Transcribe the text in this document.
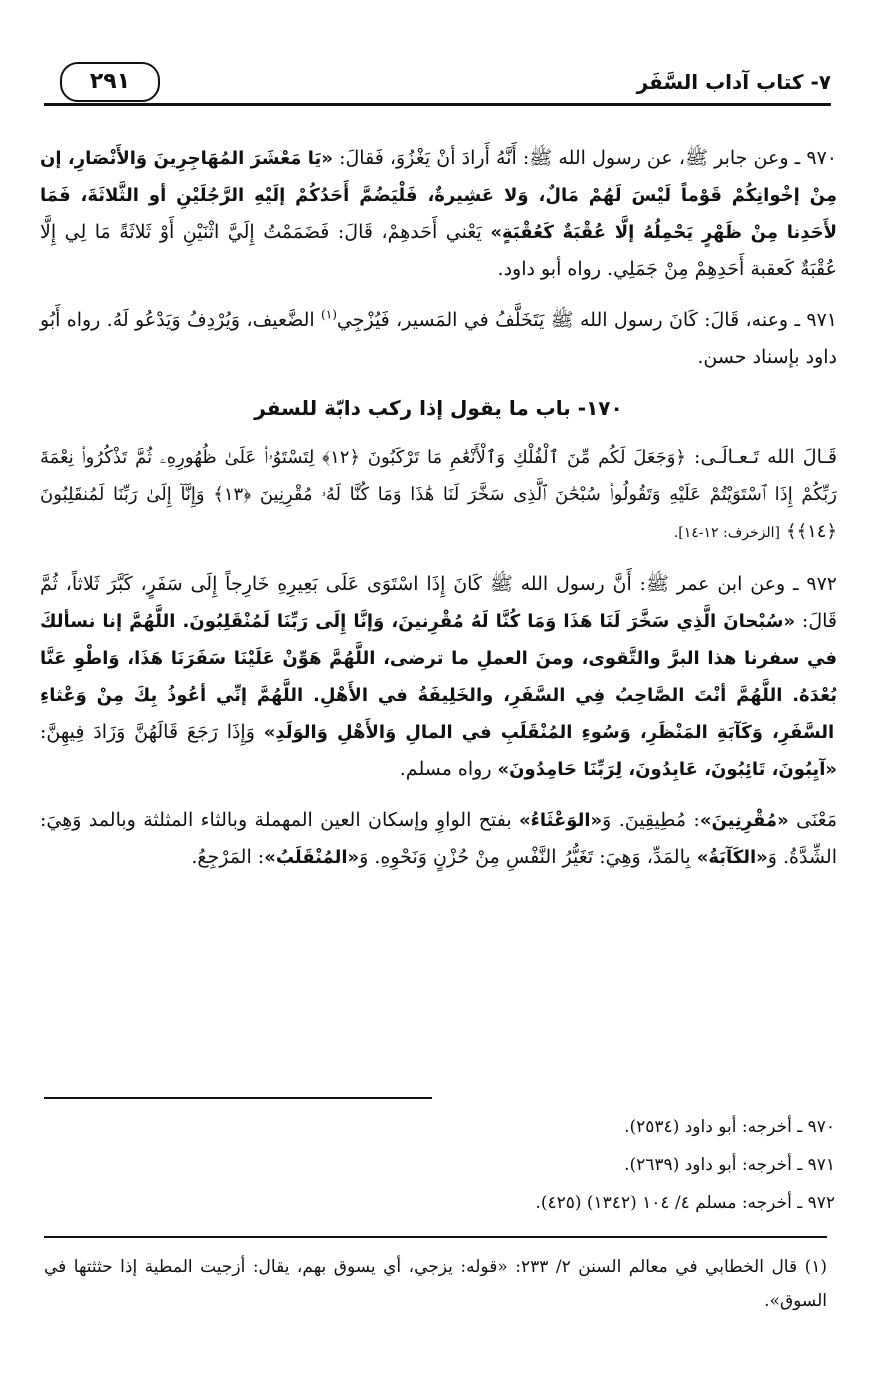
٧- كتاب آداب السَّفَر
٢٩١

٩٧٠ ـ وعن جابر ﷺ، عن رسول الله ﷺ: أَنَّهُ أَرادَ أنْ يَغْزُوَ، فَقالَ: «يَا مَعْشَرَ المُهَاجِرِينَ وَالأَنْصَارِ، إن مِنْ إخْوانِكُمْ قَوْماً لَيْسَ لَهُمْ مَالٌ، وَلا عَشِيرةٌ، فَلْيَضُمَّ أَحَدُكُمْ إلَيْهِ الرَّجُلَيْنِ أو الثَّلاثَةَ، فَمَا لأَحَدِنا مِنْ ظَهْرٍ يَحْمِلُهُ إلَّا عُقْبَةٌ كَعُقْبَةٍ» يَعْني أَحَدهِمْ، قَالَ: فَضَمَمْتُ إِلَيَّ اثْنَيْنِ أَوْ ثَلاثَةً مَا لِي إِلَّا عُقْبَةٌ كَعقبة أَحَدِهِمْ مِنْ جَمَلِي. رواه أبو داود.

٩٧١ ـ وعنه، قَالَ: كَانَ رسول الله ﷺ يَتَخَلَّفُ في المَسير، فَيُزْجِي$^{(١)}$ الضَّعيف، وَيُرْدِفُ وَيَدْعُو لَهُ. رواه أَبُو داود بإسناد حسن.

١٧٠- باب ما يقول إذا ركب دابّة للسفر

قَـالَ الله تَـعـالَـى: ﴿وَجَعَلَ لَكُم مِّنَ ٱلْفُلْكِ وَٱلْأَنْعَٰمِ مَا تَرْكَبُونَ ﴿١٢﴾ لِتَسْتَوُۥا۟ عَلَىٰ ظُهُورِهِۦ ثُمَّ تَذْكُرُوا۟ نِعْمَةَ رَبِّكُمْ إِذَا ٱسْتَوَيْتُمْ عَلَيْهِ وَتَقُولُوا۟ سُبْحَٰنَ ٱلَّذِى سَخَّرَ لَنَا هَٰذَا وَمَا كُنَّا لَهُۥ مُقْرِنِينَ ﴿١٣﴾ وَإِنَّآ إِلَىٰ رَبِّنَا لَمُنقَلِبُونَ ﴿١٤﴾﴾ [الزخرف: ١٢-١٤].

٩٧٢ ـ وعن ابن عمر ﷺ: أَنَّ رسول الله ﷺ كَانَ إِذَا اسْتَوَى عَلَى بَعِيرِهِ خَارِجاً إِلَى سَفَرٍ، كَبَّرَ ثَلاثاً، ثُمَّ قَالَ: «سُبْحانَ الَّذِي سَخَّرَ لَنَا هَذَا وَمَا كُنَّا لَهُ مُقْرِنينَ، وَإنَّا إِلَى رَبِّنَا لَمُنْقَلِبُونَ. اللَّهُمَّ إنا نسألكَ في سفرنا هذا البرَّ والتَّقوى، ومنَ العملِ ما ترضى، اللَّهُمَّ هَوِّنْ عَلَيْنَا سَفَرَنَا هَذَا، وَاطْوِ عَنَّا بُعْدَهُ. اللَّهُمَّ أنْتَ الصَّاحِبُ فِي السَّفَرِ، والخَلِيفَةُ في الأَهْلِ. اللَّهُمَّ إنِّي أعُوذُ بِكَ مِنْ وَعْثاءِ السَّفَرِ، وَكَآبَةِ المَنْظَرِ، وَسُوءِ المُنْقَلَبِ في المالِ وَالأَهْلِ وَالوَلَدِ» وَإِذَا رَجَعَ قَالَهُنَّ وَزَادَ فِيهِنَّ: «آيِبُونَ، تَائِبُونَ، عَابِدُونَ، لِرَبِّنَا حَامِدُونَ» رواه مسلم.

مَعْنَى «مُقْرِنِينَ»: مُطِيقِينَ. وَ«الوَعْثَاءُ» بفتح الواوِ وإسكان العين المهملة وبالثاء المثلثة وبالمد وَهِيَ: الشِّدَّةُ. وَ«الكَآبَةُ» بِالمَدِّ، وَهِيَ: تَغَيُّرُ النَّفْسِ مِنْ حُزْنٍ وَنَحْوِهِ. وَ«المُنْقَلَبُ»: المَرْجِعُ.

٩٧٠ ـ أخرجه: أبو داود (٢٥٣٤).
٩٧١ ـ أخرجه: أبو داود (٢٦٣٩).
٩٧٢ ـ أخرجه: مسلم ٤/ ١٠٤ (١٣٤٢) (٤٢٥).
(١) قال الخطابي في معالم السنن ٢/ ٢٣٣: «قوله: يزجي، أي يسوق بهم، يقال: أزجيت المطية إذا حثثتها في السوق».
